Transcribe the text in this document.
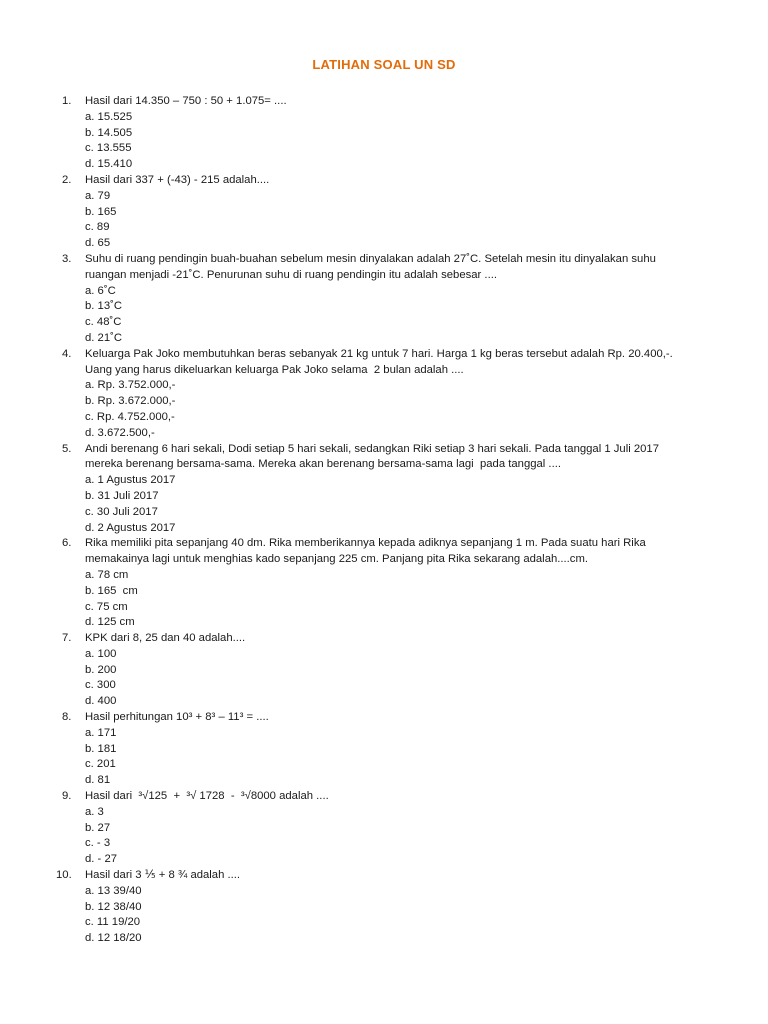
LATIHAN SOAL UN SD
1.	Hasil dari 14.350 – 750 : 50 + 1.075= ....
a. 15.525
b. 14.505
c. 13.555
d. 15.410
2.	Hasil dari 337 + (-43) - 215 adalah....
a. 79
b. 165
c. 89
d. 65
3.	Suhu di ruang pendingin buah-buahan sebelum mesin dinyalakan adalah 27˚C. Setelah mesin itu dinyalakan suhu
ruangan menjadi -21˚C. Penurunan suhu di ruang pendingin itu adalah sebesar ....
a. 6˚C
b. 13˚C
c. 48˚C
d. 21˚C
4.	Keluarga Pak Joko membutuhkan beras sebanyak 21 kg untuk 7 hari. Harga 1 kg beras tersebut adalah Rp. 20.400,-.
Uang yang harus dikeluarkan keluarga Pak Joko selama  2 bulan adalah ....
a. Rp. 3.752.000,-
b. Rp. 3.672.000,-
c. Rp. 4.752.000,-
d. 3.672.500,-
5.	Andi berenang 6 hari sekali, Dodi setiap 5 hari sekali, sedangkan Riki setiap 3 hari sekali. Pada tanggal 1 Juli 2017
mereka berenang bersama-sama. Mereka akan berenang bersama-sama lagi  pada tanggal ....
a. 1 Agustus 2017
b. 31 Juli 2017
c. 30 Juli 2017
d. 2 Agustus 2017
6.	Rika memiliki pita sepanjang 40 dm. Rika memberikannya kepada adiknya sepanjang 1 m. Pada suatu hari Rika
memakainya lagi untuk menghias kado sepanjang 225 cm. Panjang pita Rika sekarang adalah....cm.
a. 78 cm
b. 165  cm
c. 75 cm
d. 125 cm
7.	KPK dari 8, 25 dan 40 adalah....
a. 100
b. 200
c. 300
d. 400
8.	Hasil perhitungan 10³ + 8³ – 11³ = ....
a. 171
b. 181
c. 201
d. 81
9.	Hasil dari  ³√125  +  ³√ 1728  -  ³√8000 adalah ....
a. 3
b. 27
c. - 3
d. - 27
10.	Hasil dari 3 ⅕ + 8 ¾ adalah ....
a. 13 39/40
b. 12 38/40
c. 11 19/20
d. 12 18/20
